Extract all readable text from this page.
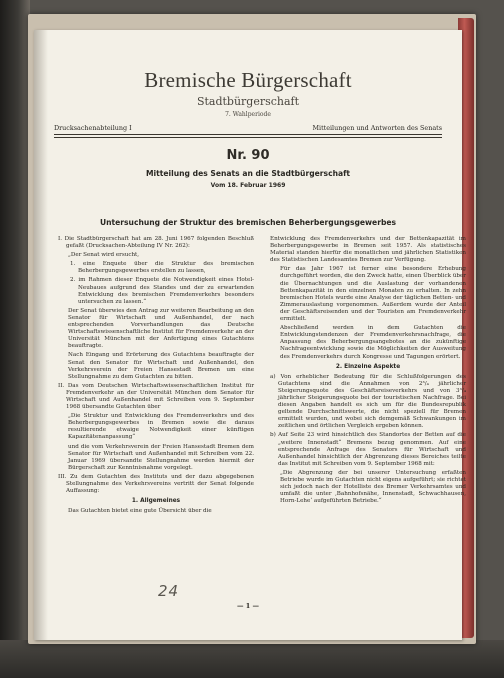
Bremische Bürgerschaft
Stadtbürgerschaft
7. Wahlperiode
Drucksachenabteilung I	Mitteilungen und Antworten des Senats
Nr. 90
Mitteilung des Senats an die Stadtbürgerschaft
Vom 18. Februar 1969
Untersuchung der Struktur des bremischen Beherbergungsgewerbes

I. Die Stadtbürgerschaft hat am 28. Juni 1967 folgenden Beschluß gefaßt (Drucksachen-Abteilung IV Nr. 262):

„Der Senat wird ersucht,

1. eine Enquete über die Struktur des bremischen Beherbergungsgewerbes erstellen zu lassen,

2. im Rahmen dieser Enquete die Notwendigkeit eines Hotel-Neubaues aufgrund des Standes und der zu erwartenden Entwicklung des bremischen Fremdenverkehrs besonders untersuchen zu lassen.“

Der Senat überwies den Antrag zur weiteren Bearbeitung an den Senator für Wirtschaft und Außenhandel, der nach entsprechenden Vorverhandlungen das Deutsche Wirtschaftswissenschaftliche Institut für Fremdenverkehr an der Universität München mit der Anfertigung eines Gutachtens beauftragte.

Nach Eingang und Erörterung des Gutachtens beauftragte der Senat den Senator für Wirtschaft und Außenhandel, den Verkehrsverein der Freien Hansestadt Bremen um eine Stellungnahme zu dem Gutachten zu bitten.

II. Das vom Deutschen Wirtschaftswissenschaftlichen Institut für Fremdenverkehr an der Universität München dem Senator für Wirtschaft und Außenhandel mit Schreiben vom 9. September 1968 übersandte Gutachten über

„Die Struktur und Entwicklung des Fremdenverkehrs und des Beherbergungsgewerbes in Bremen sowie die daraus resultierende etwaige Notwendigkeit einer künftigen Kapazitätenanpassung“

und die vom Verkehrsverein der Freien Hansestadt Bremen dem Senator für Wirtschaft und Außenhandel mit Schreiben vom 22. Januar 1969 übersandte Stellungnahme werden hiermit der Bürgerschaft zur Kenntnisnahme vorgelegt.

III. Zu dem Gutachten des Instituts und der dazu abgegebenen Stellungnahme des Verkehrsvereins vertritt der Senat folgende Auffassung:

1. Allgemeines

Das Gutachten bietet eine gute Übersicht über die

Entwicklung des Fremdenverkehrs und der Bettenkapazität im Beherbergungsgewerbe in Bremen seit 1957. Als statistisches Material standen hierfür die monatlichen und jährlichen Statistiken des Statistischen Landesamtes Bremen zur Verfügung.

Für das Jahr 1967 ist ferner eine besondere Erhebung durchgeführt worden, die den Zweck hatte, einen Überblick über die Übernachtungen und die Auslastung der vorhandenen Bettenkapazität in den einzelnen Monaten zu erhalten. In zehn bremischen Hotels wurde eine Analyse der täglichen Betten- und Zimmerauslastung vorgenommen. Außerdem wurde der Anteil der Geschäftsreisenden und der Touristen am Fremdenverkehr ermittelt.

Abschließend werden in dem Gutachten die Entwicklungstendenzen der Fremdenverkehrsnachfrage, die Anpassung des Beherbergungsangebotes an die zukünftige Nachfrageentwicklung sowie die Möglichkeiten der Ausweitung des Fremdenverkehrs durch Kongresse und Tagungen erörtert.

2. Einzelne Aspekte

a) Von erheblicher Bedeutung für die Schlußfolgerungen des Gutachtens sind die Annahmen von 2³/₄ jährlicher Steigerungsquote des Geschäftsreiseverkehrs und von 3³/₄ jährlicher Steigerungsquote bei der touristischen Nachfrage. Bei diesen Angaben handelt es sich um für die Bundesrepublik geltende Durchschnittswerte, die nicht speziell für Bremen ermittelt wurden, und wobei sich demgemäß Schwankungen im zeitlichen und örtlichen Vergleich ergeben können.

b) Auf Seite 23 wird hinsichtlich des Standortes der Betten auf die „weitere Innenstadt“ Bremens bezug genommen. Auf eine entsprechende Anfrage des Senators für Wirtschaft und Außenhandel hinsichtlich der Abgrenzung dieses Bereiches teilte das Institut mit Schreiben vom 9. September 1968 mit:

„Die Abgrenzung der bei unserer Untersuchung erfaßten Betriebe wurde im Gutachten nicht eigens aufgeführt; sie richtet sich jedoch nach der Hotelliste des Bremer Verkehrsamtes und umfaßt die unter ‚Bahnhofsnähe, Innenstadt, Schwachhausen, Horn-Lehe‘ aufgeführten Betriebe.“

24
— 1 —
